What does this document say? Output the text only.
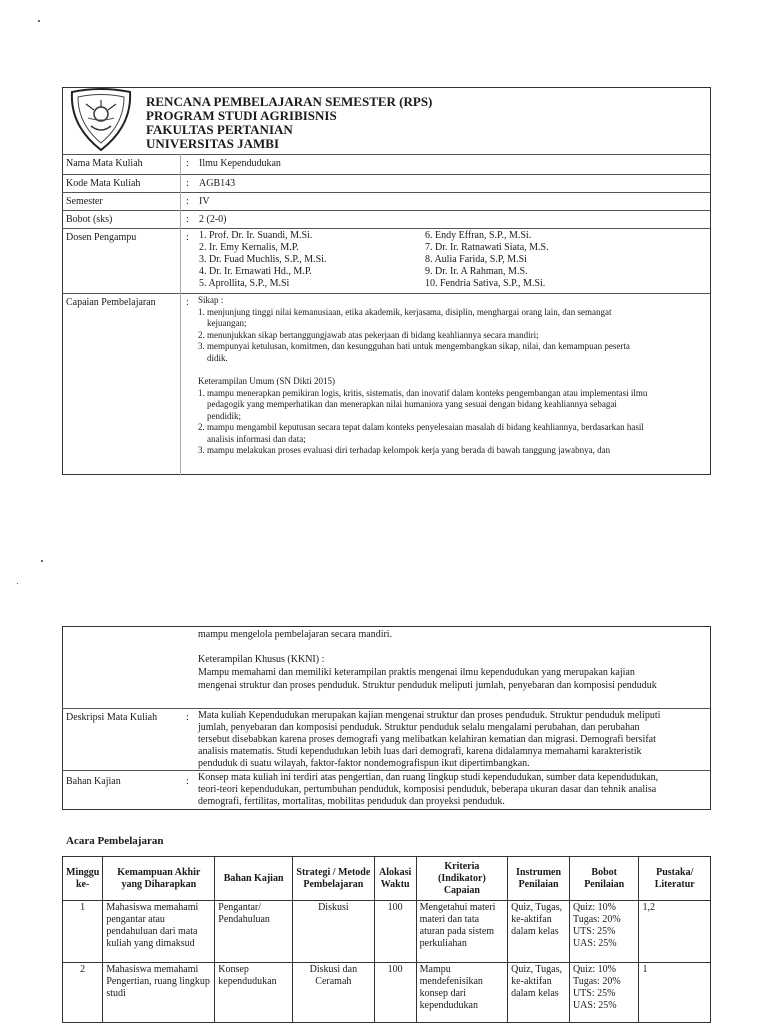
RENCANA PEMBELAJARAN SEMESTER (RPS)
PROGRAM STUDI AGRIBISNIS
FAKULTAS PERTANIAN
UNIVERSITAS JAMBI
Nama Mata Kuliah	: Ilmu Kependudukan
Kode Mata Kuliah	: AGB143
Semester	: IV
Bobot (sks)	: 2 (2-0)
Dosen Pengampu	: 1. Prof. Dr. Ir. Suandi, M.Si.
2. Ir. Emy Kernalis, M.P.
3. Dr. Fuad Muchlis, S.P., M.Si.
4. Dr. Ir. Ernawati Hd., M.P.
5. Aprollita, S.P., M.Si
6. Endy Effran, S.P., M.Si.
7. Dr. Ir. Ratnawati Siata, M.S.
8. Aulia Farida, S.P, M.Si
9. Dr. Ir. A Rahman, M.S.
10. Fendria Sativa, S.P., M.Si.
Capaian Pembelajaran	: Sikap :
1. menjunjung tinggi nilai kemanusiaan, etika akademik, kerjasama, disiplin, menghargai orang lain, dan semangat
kejuangan;
2. menunjukkan sikap bertanggungjawab atas pekerjaan di bidang keahliannya secara mandiri;
3. mempunyai ketulusan, komitmen, dan kesungguhan hati untuk mengembangkan sikap, nilai, dan kemampuan peserta
didik.
Keterampilan Umum (SN Dikti 2015)
1. mampu menerapkan pemikiran logis, kritis, sistematis, dan inovatif dalam konteks pengembangan atau implementasi ilmu
pedagogik yang memperhatikan dan menerapkan nilai humaniora yang sesuai dengan bidang keahliannya sebagai
pendidik;
2. mampu mengambil keputusan secara tepat dalam konteks penyelesaian masalah di bidang keahliannya, berdasarkan hasil
analisis informasi dan data;
3. mampu melakukan proses evaluasi diri terhadap kelompok kerja yang berada di bawah tanggung jawabnya, dan
mampu mengelola pembelajaran secara mandiri.
Keterampilan Khusus (KKNI) :
Mampu memahami dan memiliki keterampilan praktis mengenai ilmu kependudukan yang merupakan kajian
mengenai struktur dan proses penduduk. Struktur penduduk meliputi jumlah, penyebaran dan komposisi penduduk
Deskripsi Mata Kuliah	: Mata kuliah Kependudukan merupakan kajian mengenai struktur dan proses penduduk. Struktur penduduk meliputi
jumlah, penyebaran dan komposisi penduduk. Struktur penduduk selalu mengalami perubahan, dan perubahan
tersebut disebabkan karena proses demografi yang melibatkan kelahiran kematian dan migrasi. Demografi bersifat
analisis matematis. Studi kependudukan lebih luas dari demografi, karena didalamnya memahami karakteristik
penduduk di suatu wilayah, faktor-faktor nondemografispun ikut dipertimbangkan.
Bahan Kajian	: Konsep mata kuliah ini terdiri atas pengertian, dan ruang lingkup studi kependudukan, sumber data kependudukan,
teori-teori kependudukan, pertumbuhan penduduk, komposisi penduduk, beberapa ukuran dasar dan tehnik analisa
demografi, fertilitas, mortalitas, mobilitas penduduk dan proyeksi penduduk.
Acara Pembelajaran
Minggu ke-	Kemampuan Akhir yang Diharapkan	Bahan Kajian	Strategi / Metode Pembelajaran	Alokasi Waktu	Kriteria (Indikator) Capaian	Instrumen Penilaian	Bobot Penilaian	Pustaka/ Literatur
1	Mahasiswa memahami pengantar atau pendahuluan dari mata kuliah yang dimaksud	Pengantar/ Pendahuluan	Diskusi	100	Mengetahui materi materi dan tata aturan pada sistem perkuliahan	Quiz, Tugas, ke-aktifan dalam kelas	Quiz: 10% Tugas: 20% UTS: 25% UAS: 25%	1,2
2	Mahasiswa memahami Pengertian, ruang lingkup studi	Konsep kependudukan	Diskusi dan Ceramah	100	Mampu mendefenisikan konsep dari kependudukan	Quiz, Tugas, ke-aktifan dalam kelas	Quiz: 10% Tugas: 20% UTS: 25% UAS: 25%	1
